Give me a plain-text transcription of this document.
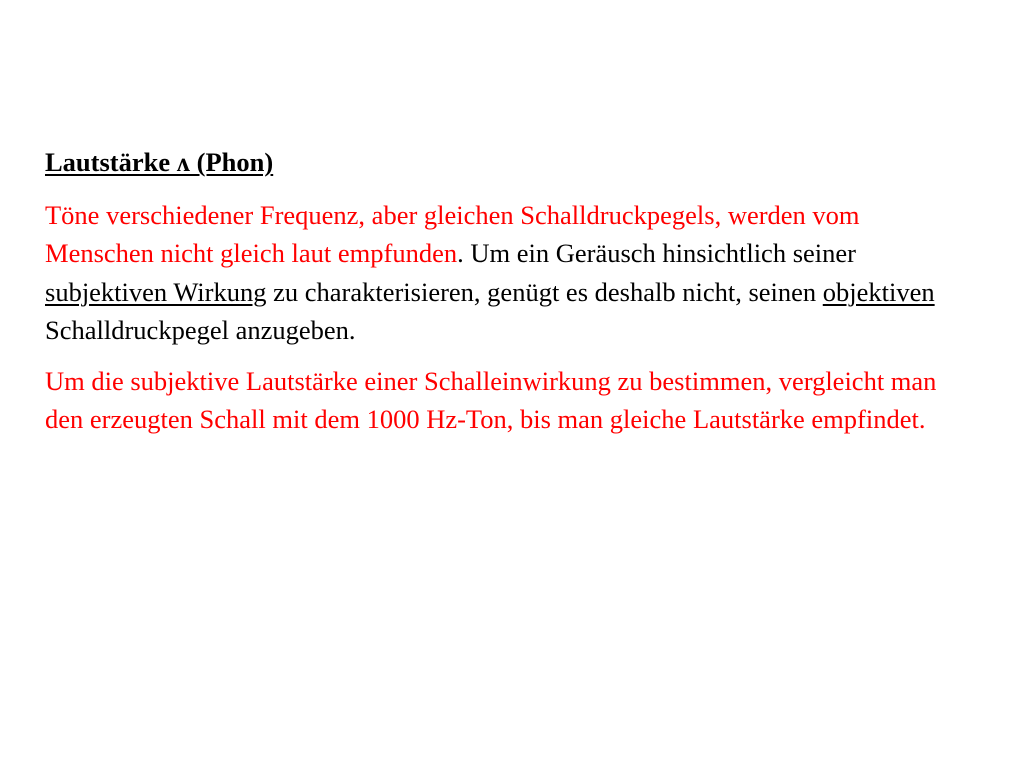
Lautstärke ʌ (Phon)

Töne verschiedener Frequenz, aber gleichen Schalldruckpegels, werden vom Menschen nicht gleich laut empfunden. Um ein Geräusch hinsichtlich seiner subjektiven Wirkung zu charakterisieren, genügt es deshalb nicht, seinen objektiven Schalldruckpegel anzugeben.

Um die subjektive Lautstärke einer Schalleinwirkung zu bestimmen, vergleicht man den erzeugten Schall mit dem 1000 Hz-Ton, bis man gleiche Lautstärke empfindet.
